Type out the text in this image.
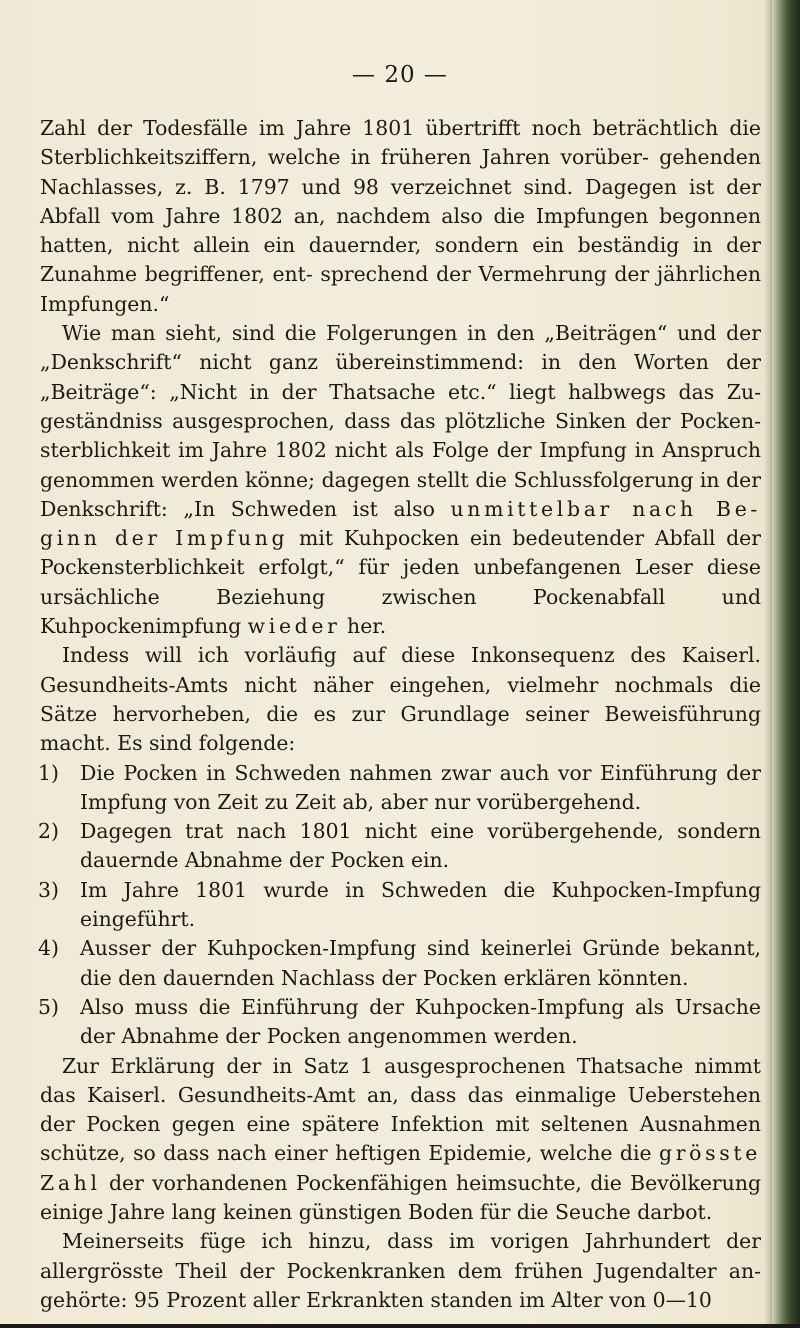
— 20 —

Zahl der Todesfälle im Jahre 1801 übertrifft noch beträchtlich die Sterblichkeitsziffern, welche in früheren Jahren vorüber- gehenden Nachlasses, z. B. 1797 und 98 verzeichnet sind. Dagegen ist der Abfall vom Jahre 1802 an, nachdem also die Impfungen begonnen hatten, nicht allein ein dauernder, sondern ein beständig in der Zunahme begriffener, ent- sprechend der Vermehrung der jährlichen Impfungen.“

Wie man sieht, sind die Folgerungen in den „Beiträgen“ und der „Denkschrift“ nicht ganz übereinstimmend: in den Worten der „Beiträge“: „Nicht in der Thatsache etc.“ liegt halbwegs das Zu- geständniss ausgesprochen, dass das plötzliche Sinken der Pocken- sterblichkeit im Jahre 1802 nicht als Folge der Impfung in Anspruch genommen werden könne; dagegen stellt die Schlussfolgerung in der Denkschrift: „In Schweden ist also unmittelbar nach Be- ginn der Impfung mit Kuhpocken ein bedeutender Abfall der Pockensterblichkeit erfolgt,“ für jeden unbefangenen Leser diese ursächliche Beziehung zwischen Pockenabfall und Kuhpockenimpfung wieder her.

Indess will ich vorläufig auf diese Inkonsequenz des Kaiserl. Gesundheits-Amts nicht näher eingehen, vielmehr nochmals die Sätze hervorheben, die es zur Grundlage seiner Beweisführung macht. Es sind folgende:

1) Die Pocken in Schweden nahmen zwar auch vor Einführung der Impfung von Zeit zu Zeit ab, aber nur vorübergehend.
2) Dagegen trat nach 1801 nicht eine vorübergehende, sondern dauernde Abnahme der Pocken ein.
3) Im Jahre 1801 wurde in Schweden die Kuhpocken-Impfung eingeführt.
4) Ausser der Kuhpocken-Impfung sind keinerlei Gründe bekannt, die den dauernden Nachlass der Pocken erklären könnten.
5) Also muss die Einführung der Kuhpocken-Impfung als Ursache der Abnahme der Pocken angenommen werden.

Zur Erklärung der in Satz 1 ausgesprochenen Thatsache nimmt das Kaiserl. Gesundheits-Amt an, dass das einmalige Ueberstehen der Pocken gegen eine spätere Infektion mit seltenen Ausnahmen schütze, so dass nach einer heftigen Epidemie, welche die grösste Zahl der vorhandenen Pockenfähigen heimsuchte, die Bevölkerung einige Jahre lang keinen günstigen Boden für die Seuche darbot.

Meinerseits füge ich hinzu, dass im vorigen Jahrhundert der allergrösste Theil der Pockenkranken dem frühen Jugendalter an- gehörte: 95 Prozent aller Erkrankten standen im Alter von 0—10
